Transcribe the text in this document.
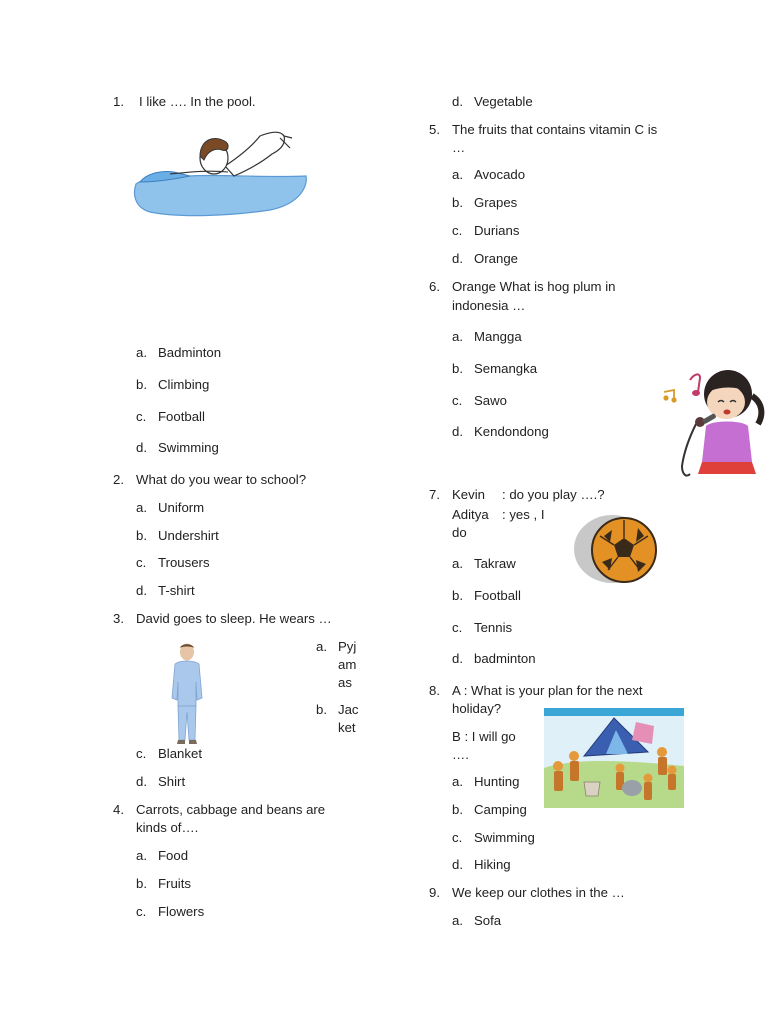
1. I like …. In the pool.
a. Badminton
b. Climbing
c. Football
d. Swimming
2. What do you wear to school?
a. Uniform
b. Undershirt
c. Trousers
d. T-shirt
3. David goes to sleep. He wears …
a. Pyj
am
as
b. Jac
ket
c. Blanket
d. Shirt
4. Carrots, cabbage and beans are
kinds of….
a. Food
b. Fruits
c. Flowers
d. Vegetable
5. The fruits that contains vitamin C is
…
a. Avocado
b. Grapes
c. Durians
d. Orange
6. Orange What is hog plum in
indonesia …
a. Mangga
b. Semangka
c. Sawo
d. Kendondong
7. Kevin : do you play ….?
Aditya : yes , I
do
a. Takraw
b. Football
c. Tennis
d. badminton
8. A : What is your plan for the next
holiday?
B : I will go
….
a. Hunting
b. Camping
c. Swimming
d. Hiking
9. We keep our clothes in the …
a. Sofa
